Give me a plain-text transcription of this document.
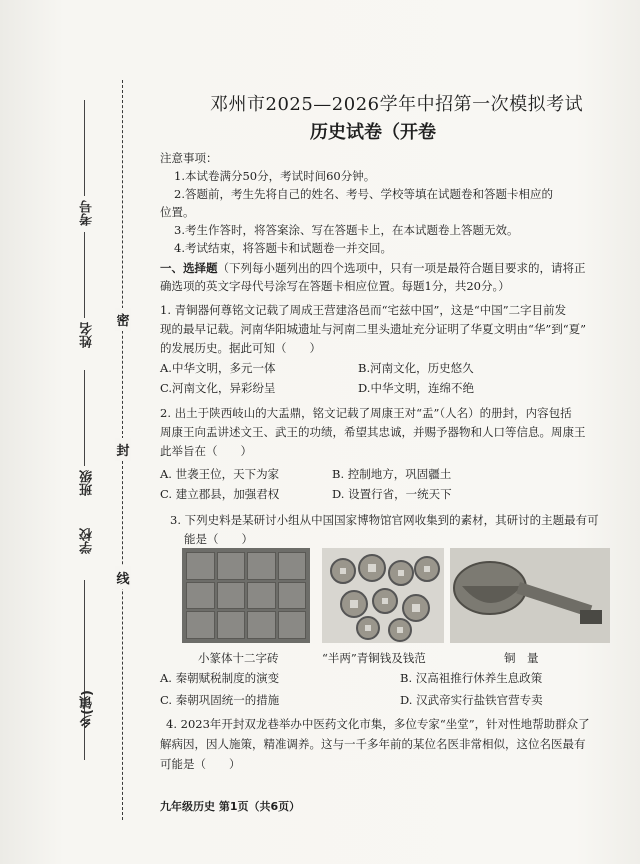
考号
姓名
班级
学校
乡(镇)
密
封
线
邓州市2025—2026学年中招第一次模拟考试
历史试卷（开卷
注意事项：
1.本试卷满分50分，考试时间60分钟。
2.答题前，考生先将自己的姓名、考号、学校等填在试题卷和答题卡相应的
位置。
3.考生作答时，将答案涂、写在答题卡上，在本试题卷上答题无效。
4.考试结束，将答题卡和试题卷一并交回。
一、选择题（下列每小题列出的四个选项中，只有一项是最符合题目要求的，请将正
确选项的英文字母代号涂写在答题卡相应位置。每题1分，共20分。）
1. 青铜器何尊铭文记载了周成王营建洛邑而“宅兹中国”，这是“中国”二字目前发
现的最早记载。河南华阳城遗址与河南二里头遗址充分证明了华夏文明由“华”到“夏”
的发展历史。据此可知（　　）
A.中华文明，多元一体	B.河南文化，历史悠久
C.河南文化，异彩纷呈	D.中华文明，连绵不绝
2. 出土于陕西岐山的大盂鼎，铭文记载了周康王对“盂”（人名）的册封，内容包括
周康王向盂讲述文王、武王的功绩，希望其忠诚，并赐予器物和人口等信息。周康王
此举旨在（　　）
A. 世袭王位，天下为家	B. 控制地方，巩固疆土
C. 建立郡县，加强君权	D. 设置行省，一统天下
3. 下列史料是某研讨小组从中国国家博物馆官网收集到的素材，其研讨的主题最有可
能是（　　）
小篆体十二字砖	“半两”青铜钱及钱范	铜　量
A. 秦朝赋税制度的演变	B. 汉高祖推行休养生息政策
C. 秦朝巩固统一的措施	D. 汉武帝实行盐铁官营专卖
4. 2023年开封双龙巷举办中医药文化市集，多位专家“坐堂”，针对性地帮助群众了
解病因，因人施策，精准调养。这与一千多年前的某位名医非常相似，这位名医最有
可能是（　　）
九年级历史 第1页（共6页）
